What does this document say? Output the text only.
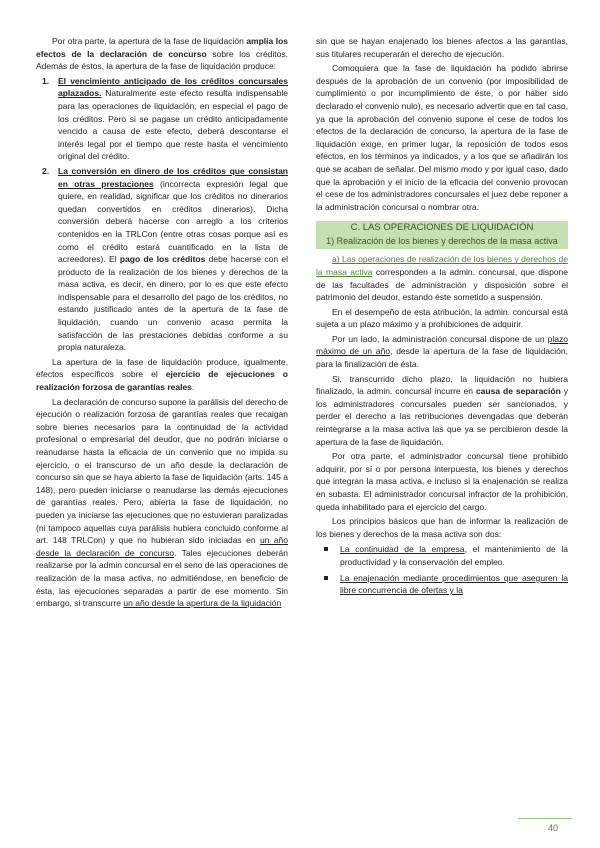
Por otra parte, la apertura de la fase de liquidación amplía los efectos de la declaración de concurso sobre los créditos. Además de éstos, la apertura de la fase de liquidación produce:

1. El vencimiento anticipado de los créditos concursales aplazados. Naturalmente este efecto resulta indispensable para las operaciones de liquidación, en especial el pago de los créditos. Pero si se pagase un crédito anticipadamente vencido a causa de este efecto, deberá descontarse el interés legal por el tiempo que reste hasta el vencimiento original del crédito.
2. La conversión en dinero de los créditos que consistan en otras prestaciones (incorrecta expresión legal que quiere, en realidad, significar que los créditos no dinerarios quedan convertidos en créditos dinerarios). Dicha conversión deberá hacerse con arreglo a los criterios contenidos en la TRLCon (entre otras cosas porque así es como el crédito estará cuantificado en la lista de acreedores). El pago de los créditos debe hacerse con el producto de la realización de los bienes y derechos de la masa activa, es decir, en dinero, por lo es que este efecto indispensable para el desarrollo del pago de los créditos, no estando justificado antes de la apertura de la fase de liquidación, cuando un convenio acaso permita la satisfacción de las prestaciones debidas conforme a su propia naturaleza.

La apertura de la fase de liquidación produce, igualmente, efectos específicos sobre el ejercicio de ejecuciones o realización forzosa de garantías reales.

La declaración de concurso supone la parálisis del derecho de ejecución o realización forzosa de garantías reales que recaigan sobre bienes necesarios para la continuidad de la actividad profesional o empresarial del deudor, que no podrán iniciarse o reanudarse hasta la eficacia de un convenio que no impida su ejercicio, o el transcurso de un año desde la declaración de concurso sin que se haya abierto la fase de liquidación (arts. 145 a 148), pero pueden iniciarse o reanudarse las demás ejecuciones de garantías reales. Pero, abierta la fase de liquidación, no pueden ya iniciarse las ejecuciones que no estuvieran paralizadas (ni tampoco aquellas cuya parálisis hubiera concluido conforme al art. 148 TRLCon) y que no hubieran sido iniciadas en un año desde la declaración de concurso. Tales ejecuciones deberán realizarse por la admin concursal en el seno de las operaciones de realización de la masa activa, no admitiéndose, en beneficio de ésta, las ejecuciones separadas a partir de ese momento. Sin embargo, si transcurre un año desde la apertura de la liquidación

sin que se hayan enajenado los bienes afectos a las garantías, sus titulares recuperarán el derecho de ejecución.

Comoquiera que la fase de liquidación ha podido abrirse después de la aprobación de un convenio (por imposibilidad de cumplimiento o por incumplimiento de éste, o por haber sido declarado el convenio nulo), es necesario advertir que en tal caso, ya que la aprobación del convenio supone el cese de todos los efectos de la declaración de concurso, la apertura de la fase de liquidación exige, en primer lugar, la reposición de todos esos efectos, en los términos ya indicados, y a los que se añadirán los que se acaban de señalar. Del mismo modo y por igual caso, dado que la aprobación y el inicio de la eficacia del convenio provocan el cese de los administradores concursales el juez debe reponer a la administración concursal o nombrar otra.

C. LAS OPERACIONES DE LIQUIDACIÓN
1) Realización de los bienes y derechos de la masa activa

a) Las operaciones de realización de los bienes y derechos de la masa activa corresponden a la admin. concursal, que dispone de las facultades de administración y disposición sobre el patrimonio del deudor, estando éste sometido a suspensión.

En el desempeño de esta atribución, la admin. concursal está sujeta a un plazo máximo y a prohibiciones de adquirir.

Por un lado, la administración concursal dispone de un plazo máximo de un año, desde la apertura de la fase de liquidación, para la finalización de ésta.

Si, transcurrido dicho plazo, la liquidación no hubiera finalizado, la admin. concursal incurre en causa de separación y los administradores concursales pueden ser sancionados, y perder el derecho a las retribuciones devengadas que deberán reintegrarse a la masa activa las que ya se percibieron desde la apertura de la fase de liquidación.

Por otra parte, el administrador concursal tiene prohibido adquirir, por sí o por persona interpuesta, los bienes y derechos que integran la masa activa, e incluso si la enajenación se realiza en subasta. El administrador concursal infractor de la prohibición, queda inhabilitado para el ejercicio del cargo.

Los principios básicos que han de informar la realización de los bienes y derechos de la masa activa son dos:

La continuidad de la empresa, el mantenimiento de la productividad y la conservación del empleo.
La enajenación mediante procedimientos que aseguren la libre concurrencia de ofertas y la
40
